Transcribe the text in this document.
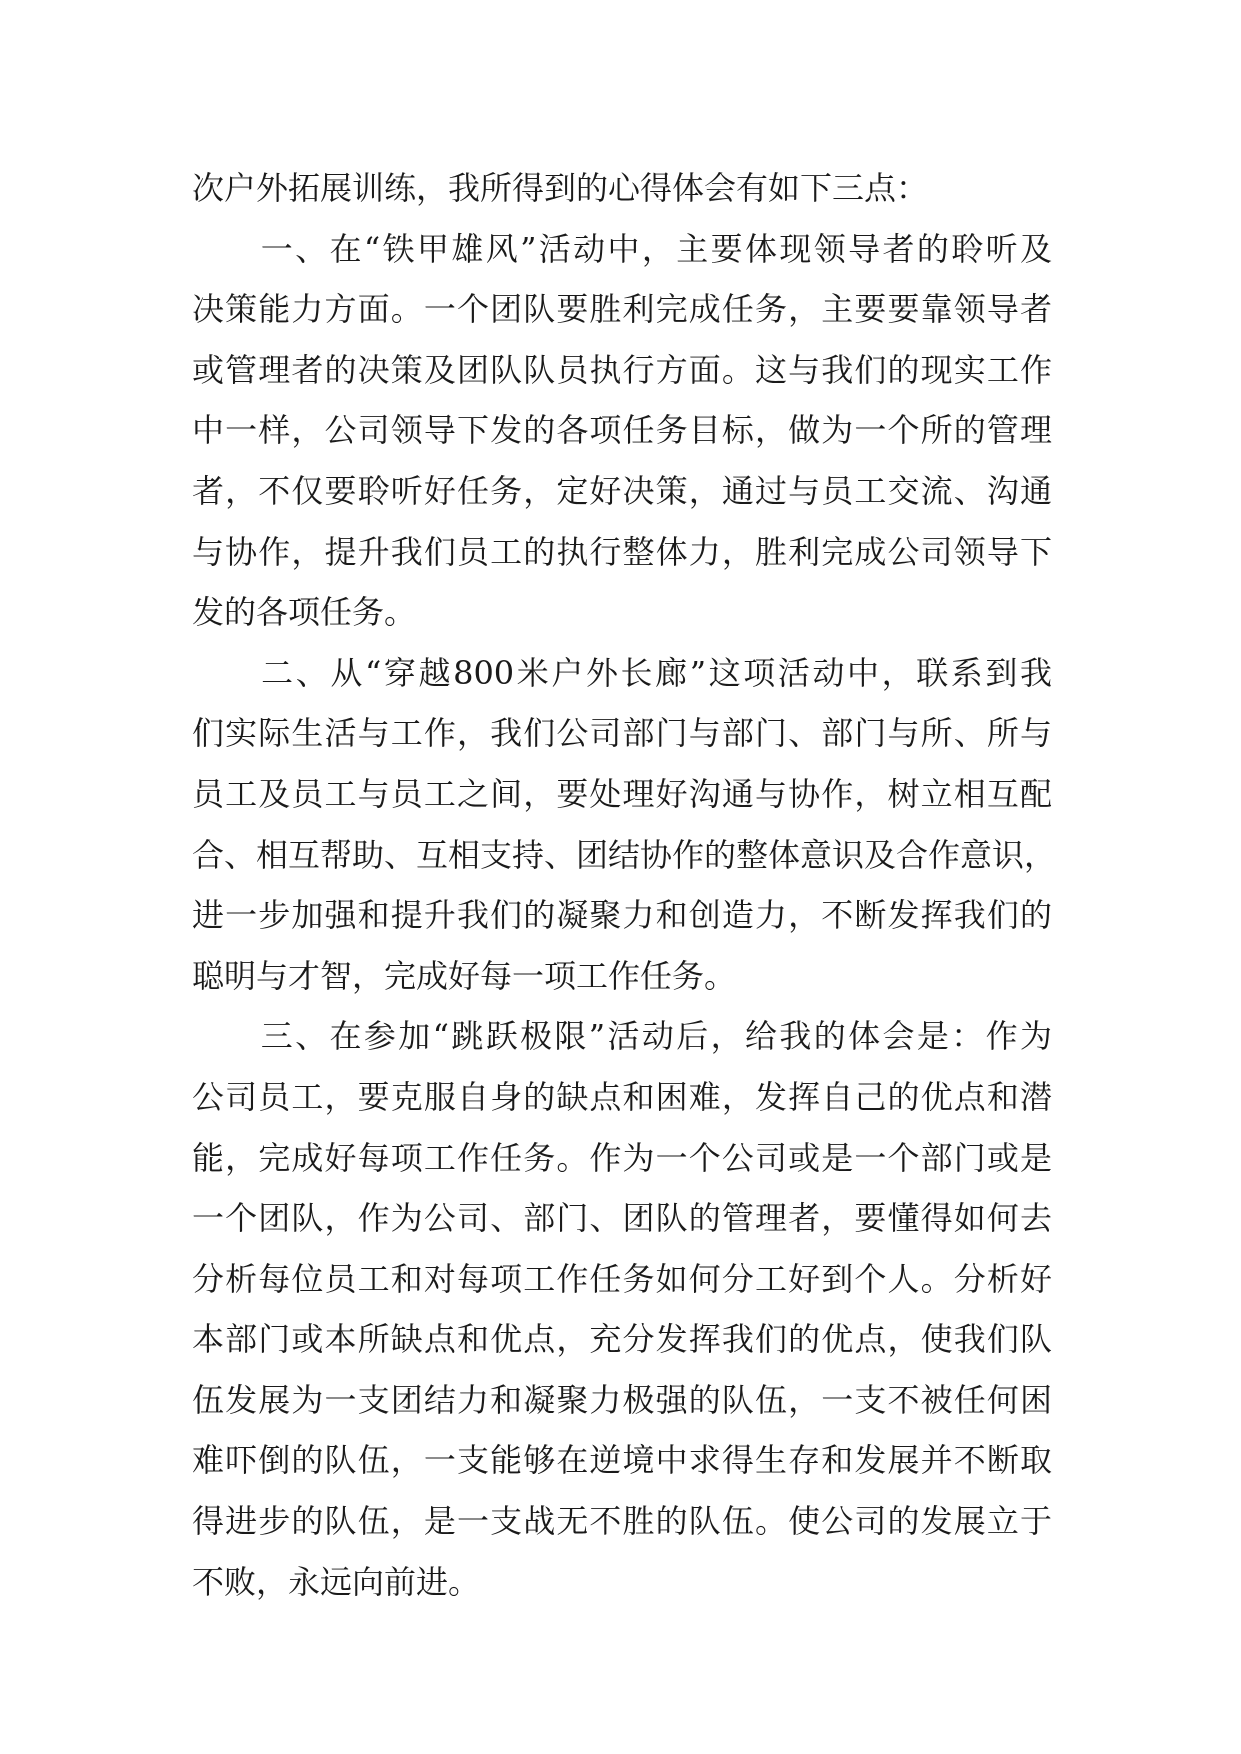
次户外拓展训练，我所得到的心得体会有如下三点：
　　一、在“铁甲雄风”活动中，主要体现领导者的聆听及
决策能力方面。一个团队要胜利完成任务，主要要靠领导者
或管理者的决策及团队队员执行方面。这与我们的现实工作
中一样，公司领导下发的各项任务目标，做为一个所的管理
者，不仅要聆听好任务，定好决策，通过与员工交流、沟通
与协作，提升我们员工的执行整体力，胜利完成公司领导下
发的各项任务。
　　二、从“穿越800米户外长廊”这项活动中，联系到我
们实际生活与工作，我们公司部门与部门、部门与所、所与
员工及员工与员工之间，要处理好沟通与协作，树立相互配
合、相互帮助、互相支持、团结协作的整体意识及合作意识，
进一步加强和提升我们的凝聚力和创造力，不断发挥我们的
聪明与才智，完成好每一项工作任务。
　　三、在参加“跳跃极限”活动后，给我的体会是：作为
公司员工，要克服自身的缺点和困难，发挥自己的优点和潜
能，完成好每项工作任务。作为一个公司或是一个部门或是
一个团队，作为公司、部门、团队的管理者，要懂得如何去
分析每位员工和对每项工作任务如何分工好到个人。分析好
本部门或本所缺点和优点，充分发挥我们的优点，使我们队
伍发展为一支团结力和凝聚力极强的队伍，一支不被任何困
难吓倒的队伍，一支能够在逆境中求得生存和发展并不断取
得进步的队伍，是一支战无不胜的队伍。使公司的发展立于
不败，永远向前进。
